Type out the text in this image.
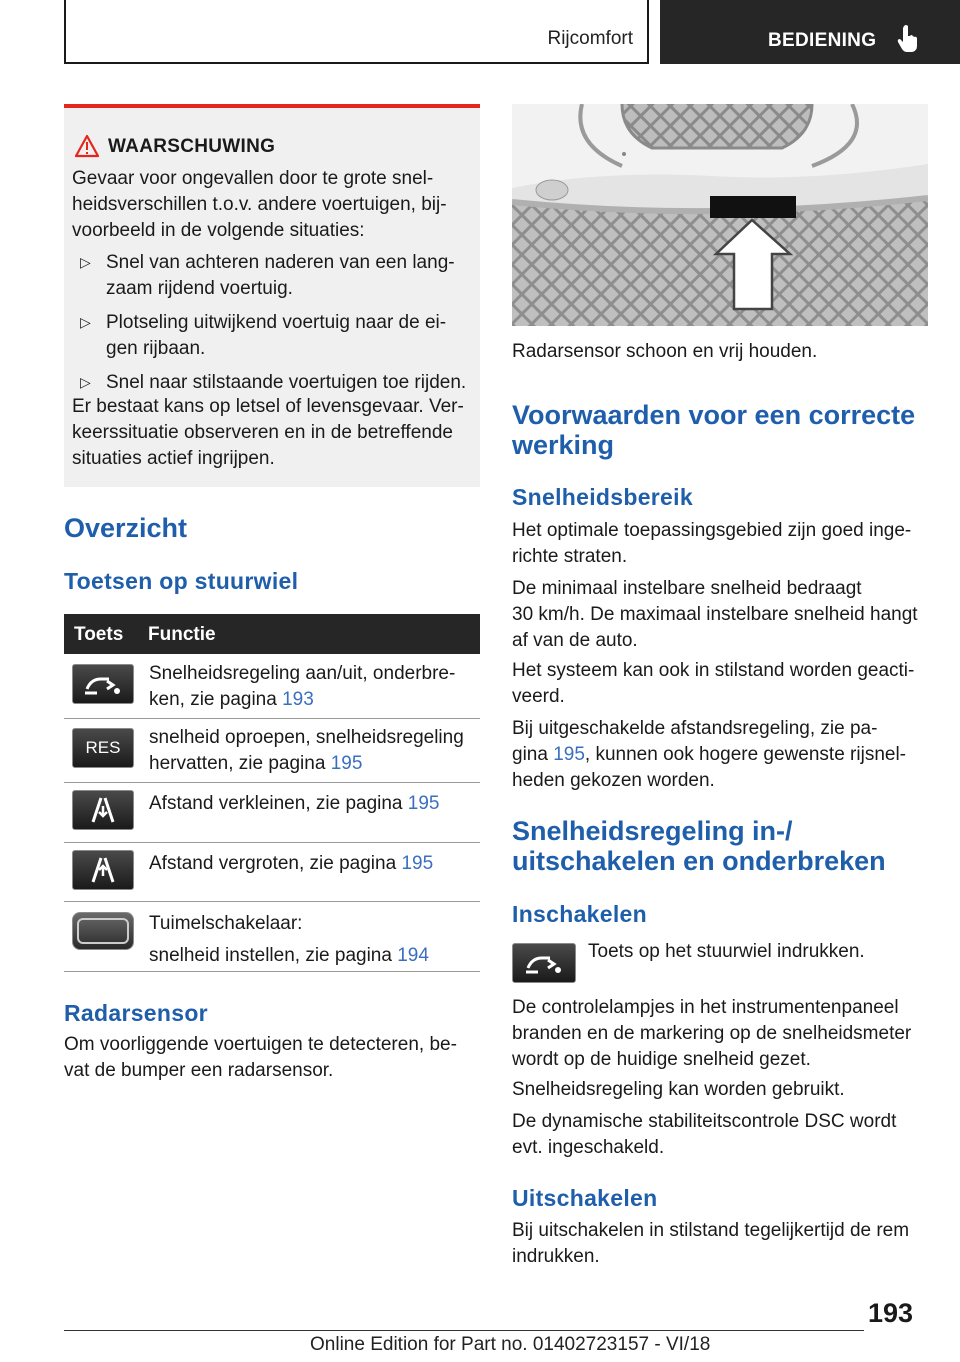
Rijcomfort	BEDIENING
WAARSCHUWING
Gevaar voor ongevallen door te grote snel-
heidsverschillen t.o.v. andere voertuigen, bij-
voorbeeld in de volgende situaties:
▷ Snel van achteren naderen van een lang-
zaam rijdend voertuig.
▷ Plotseling uitwijkend voertuig naar de ei-
gen rijbaan.
▷ Snel naar stilstaande voertuigen toe rijden.
Er bestaat kans op letsel of levensgevaar. Ver-
keerssituatie observeren en in de betreffende
situaties actief ingrijpen.
Overzicht
Toetsen op stuurwiel
Toets Functie
Snelheidsregeling aan/uit, onderbre-
ken, zie pagina 193
RES snelheid oproepen, snelheidsregeling
hervatten, zie pagina 195
Afstand verkleinen, zie pagina 195
Afstand vergroten, zie pagina 195
Tuimelschakelaar:
snelheid instellen, zie pagina 194
Radarsensor
Om voorliggende voertuigen te detecteren, be-
vat de bumper een radarsensor.
Radarsensor schoon en vrij houden.
Voorwaarden voor een correcte
werking
Snelheidsbereik
Het optimale toepassingsgebied zijn goed inge-
richte straten.
De minimaal instelbare snelheid bedraagt
30 km/h. De maximaal instelbare snelheid hangt
af van de auto.
Het systeem kan ook in stilstand worden geacti-
veerd.
Bij uitgeschakelde afstandsregeling, zie pa-
gina 195, kunnen ook hogere gewenste rijsnel-
heden gekozen worden.
Snelheidsregeling in-/
uitschakelen en onderbreken
Inschakelen
Toets op het stuurwiel indrukken.
De controlelampjes in het instrumentenpaneel
branden en de markering op de snelheidsmeter
wordt op de huidige snelheid gezet.
Snelheidsregeling kan worden gebruikt.
De dynamische stabiliteitscontrole DSC wordt
evt. ingeschakeld.
Uitschakelen
Bij uitschakelen in stilstand tegelijkertijd de rem
indrukken.
193
Online Edition for Part no. 01402723157 - VI/18
